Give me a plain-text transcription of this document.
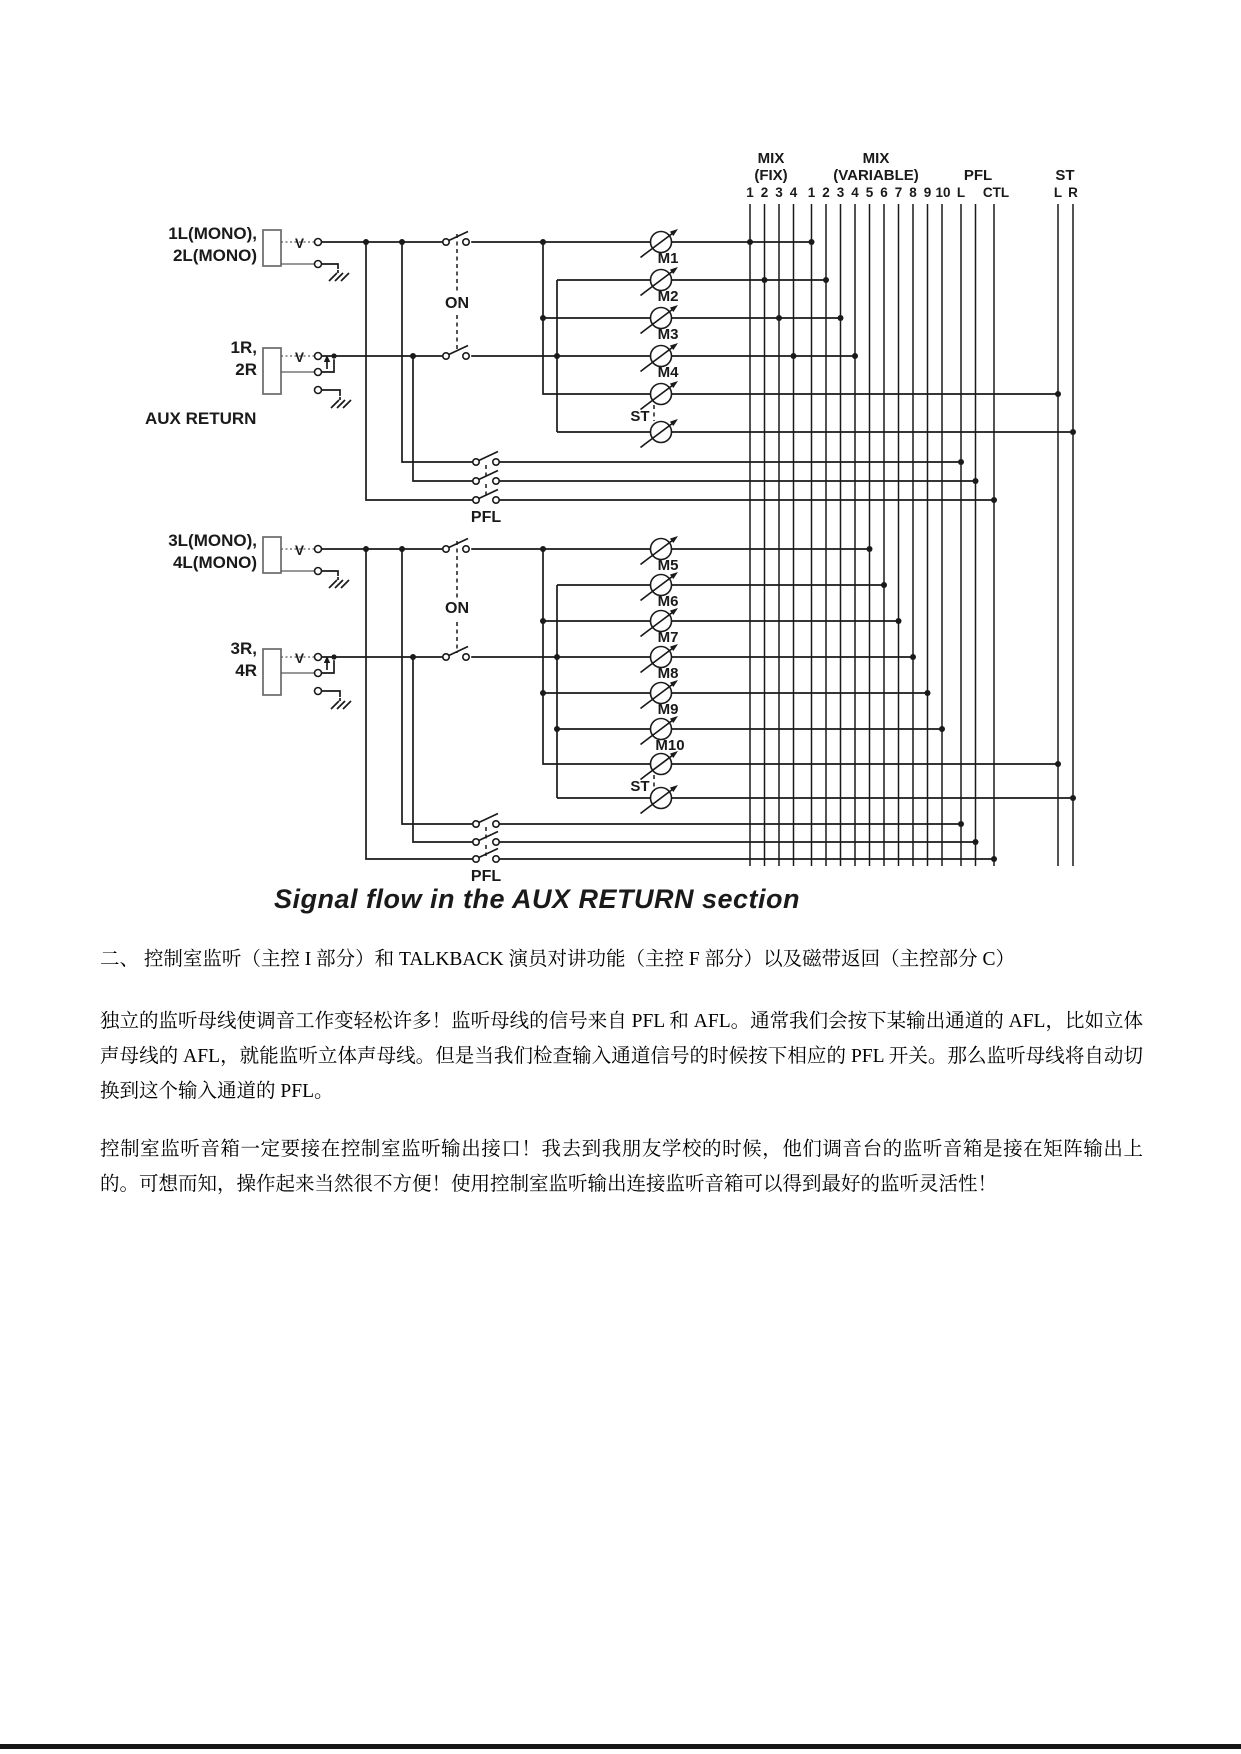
MIX
(FIX)
1 2 3 4
MIX
(VARIABLE)
1 2 3 4 5 6 7 8 9 10
PFL
L CTL
ST
L R
AUX RETURN
V
1L(MONO),
2L(MONO)
V
1R,
2R
ON
PFL
M1
M2
M3
M4
ST
V
3L(MONO),
4L(MONO)
V
3R,
4R
ON
PFL
M5
M6
M7
M8
M9
M10
ST
Signal flow in the AUX RETURN section

二、 控制室监听（主控 I 部分）和 TALKBACK 演员对讲功能（主控 F 部分）以及磁带返回（主控部分 C）

独立的监听母线使调音工作变轻松许多！监听母线的信号来自 PFL 和 AFL。通常我们会按下某输出通道的 AFL，比如立体声母线的 AFL，就能监听立体声母线。但是当我们检查输入通道信号的时候按下相应的 PFL 开关。那么监听母线将自动切换到这个输入通道的 PFL。

控制室监听音箱一定要接在控制室监听输出接口！我去到我朋友学校的时候，他们调音台的监听音箱是接在矩阵输出上的。可想而知，操作起来当然很不方便！使用控制室监听输出连接监听音箱可以得到最好的监听灵活性！
